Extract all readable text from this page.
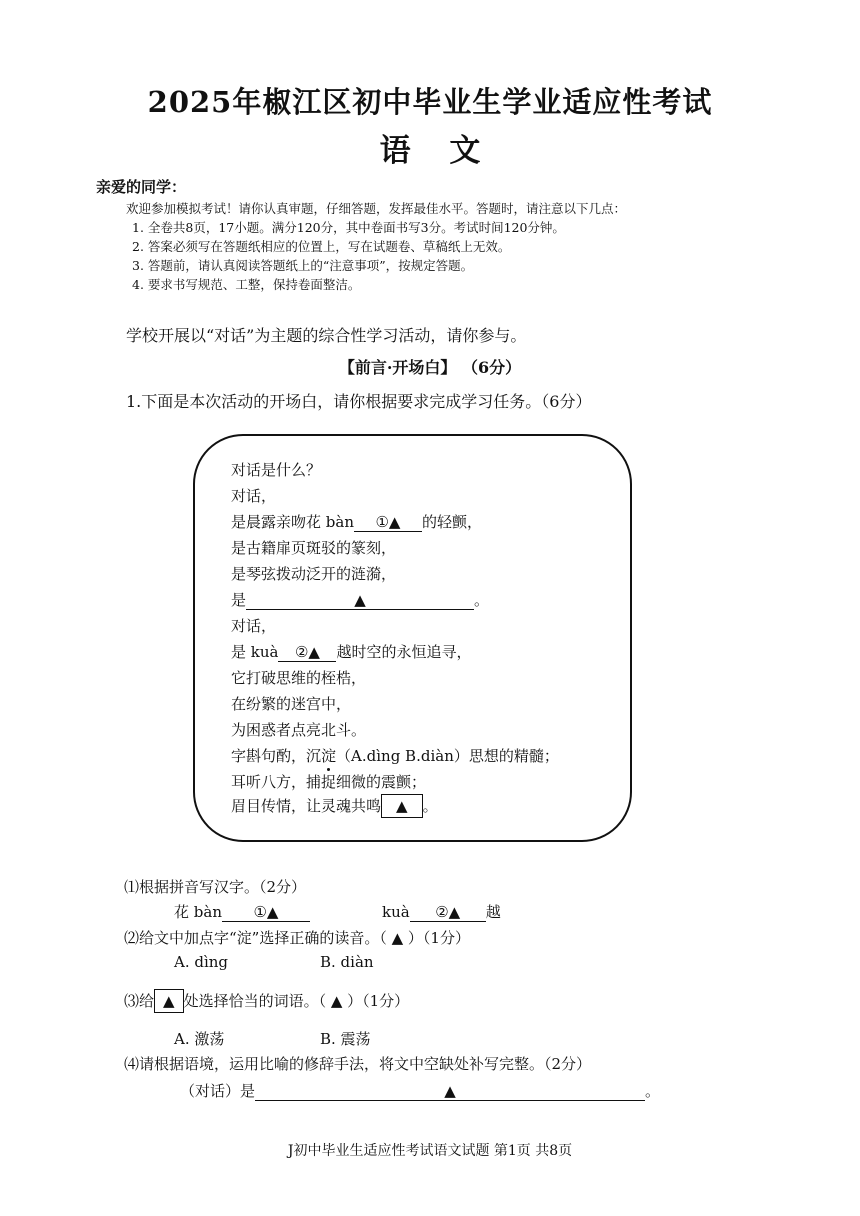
2025年椒江区初中毕业生学业适应性考试
语 文
亲爱的同学：
欢迎参加模拟考试！请你认真审题，仔细答题，发挥最佳水平。答题时，请注意以下几点：
1. 全卷共8页，17小题。满分120分，其中卷面书写3分。考试时间120分钟。
2. 答案必须写在答题纸相应的位置上，写在试题卷、草稿纸上无效。
3. 答题前，请认真阅读答题纸上的“注意事项”，按规定答题。
4. 要求书写规范、工整，保持卷面整洁。
学校开展以“对话”为主题的综合性学习活动，请你参与。
【前言·开场白】 （6分）
1.下面是本次活动的开场白，请你根据要求完成学习任务。（6分）
对话是什么？
对话，
是晨露亲吻花 bàn ①▲ 的轻颤，
是古籍扉页斑驳的篆刻，
是琴弦拨动泛开的涟漪，
是	▲	。
对话，
是 kuà ②▲ 越时空的永恒追寻，
它打破思维的桎梏，
在纷繁的迷宫中，
为困惑者点亮北斗。
字斟句酌，沉淀（A.dìng B.diàn）思想的精髓；
耳听八方，捕捉细微的震颤；
眉目传情，让灵魂共鸣 ▲ 。
⑴根据拼音写汉字。（2分）
花 bàn ①▲	kuà ②▲ 越
⑵给文中加点字“淀”选择正确的读音。（ ▲ ）（1分）
A. dìng	B. diàn
⑶给 ▲ 处选择恰当的词语。（ ▲ ）（1分）
A. 激荡	B. 震荡
⑷请根据语境，运用比喻的修辞手法，将文中空缺处补写完整。（2分）
（对话）是	▲	。
J初中毕业生适应性考试语文试题 第1页 共8页
